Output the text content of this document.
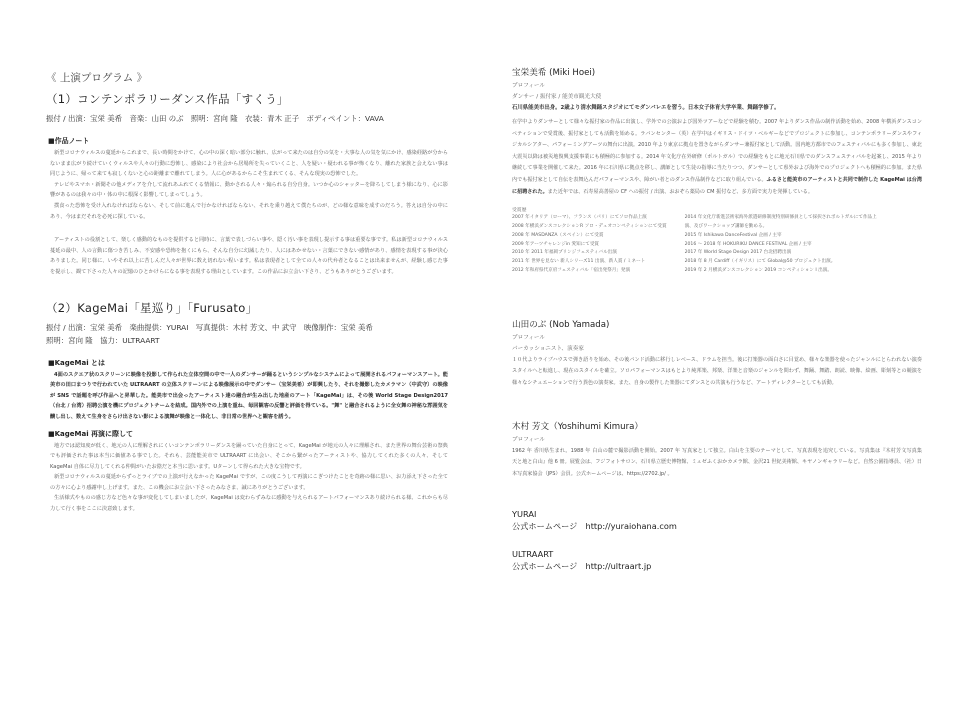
《 上演プログラム 》
（1）コンテンポラリーダンス作品「すくう」
振付 / 出演：宝栄 美希　音楽：山田 のぶ　照明：宮向 隆　衣装：青木 正子　ボディペイント：VAVA
■作品ノート

新型コロナウィルスの蔓延からこれまで、長い時間をかけて、心の中の深く暗い部分に触れ、広がって来たのは自分の気を・大事な人の気を気にかけ、感染経路が分からないまま広がり続けていくウィルスや人々の行動に恐怖し、感染により社会から居場所を失っていくこと、人を疑い・疑われる事が怖くなり、離れた家族と会えない事は同じように、帰って来ても寂しくないと心の距離まで離れてしまう。人に心があるからこそ生まれてくる、そんな現実の恐怖でした。

テレビやスマホ・新聞その他メディアを介して流れあふれてくる情報に、動かされる人々・煽られる自分自身。いつか心のシャッターを降ろしてしまう様になり、心に影響があるのは我々の中・体の中に根深く影響してしまってしょう。

撲食った恐怖を受け入れなければならない、そして前に進んで行かなければならない、それを乗り越えて僕たちのが、どの様な意味を成すのだろう。答えは自分の中にあり、今はまだそれを必死に探している。

アーティストの役割として、楽しく感動的なものを提供すると同時に、言葉で表しづらい事や、隠く汚い事を表現し提示する事は重要な事です。私は新型コロナウィルス蔓延の最中、人の言動に傷つき苦しみ、不安感や恐怖を抱くにもら、そんな自分に幻滅したり、人にはあかせない・言葉にできない感情があり、感情を表現する事が決心ありました。同じ様に、いやそれ以上に苦しんだ人々が世界に数え切れない程います。私は表現者として全ての人々の代弁者となることは出来ませんが、経験し感じた事を提示し、観て下さった人々の記憶のひとかけらになる事を表現する理由としています。この作品にお立会い下さり、どうもありがとうございます。

（2）KageMai「星巡り」「Furusato」
振付 / 出演：宝栄 美希　楽曲提供：YURAI　写真提供：木村 芳文、中 武守　映像制作：宝栄 美希
照明：宮向 隆　協力：ULTRAART
■KageMai とは

4面のスクエア状のスクリーンに映像を投影して作られた立体空間の中で一人のダンサーが踊るというシンプルなシステムによって展開されるパフォーマンスアート。能美市の田口まつりで行われていた ULTRAART の立体スクリーンによる映像展示の中でダンサー（宝栄美希）が即興したり、それを撮影したカメラマン（中武守）の映像が SNS で話題を呼び作品へと昇華した。能美市で出会ったアーティスト達の融合が生み出した地産のアート「KageMai」は、その後 World Stage Design2017（台北 / 台湾）招聘公演を機にプロジェクトチームを結成。国内外での上演を重ね、毎回観客の反響と評価を得ている。"舞" と融合されるように全女舞の神秘な雰囲気を醸し出し、数えて生身をさらけ出さない影による演舞が映像と一体化し、非日常の世界へと観客を誘う。

■KageMai 再演に際して

地方では認知度が低く、地元の人に理解されにくいコンテンポラリーダンスを踊っていた自身にとって、KageMai が地元の人々に理解され、また世界の舞台芸術の祭典でも評価された事は本当に価値ある事でした。それも、芸能能美市で ULTRAART に出会い、そこから繋がったアーティストや、協力してくれた多くの人々、そして KageMai 自体に尽力してくれる仲間がいたお陰だと本当に思います。Uターンして得られた大きな宝物です。

新型コロナウィルスの蔓延からずっとライブでの上演が行えなかった KageMai ですが、この度こうして再演にこぎつけたことを奇跡の様に思い、お力添え下さった全ての方々に心より感謝申し上げます。また、この機会にお立会い下さったみなさま、誠にありがとうございます。

生活様式やものの感じ方など色々な事が変化してしまいましたが、KageMai は変わらずみなに感動を与えられるアートパフォーマンスあり続けられる様、これからも尽力して行く事をここに決意致します。

宝栄美希 (Miki Hoei)
プロフィール
ダンサー / 振付家 / 能美市観光大使
石川県能美市出身。2歳より清水舞踊スタジオにてモダンバレエを習う。日本女子体育大学卒業、舞踊学修了。

在学中よりダンサーとして様々な振付家の作品に出演し、学外での公演および国外ツアーなどで経験を積む。2007 年よりダンス作品の制作活動を始め、2008 年横浜ダンスコンペティションで受賞後、振付家としても活動を始める。ラバンセンター（英）在学中はイギリス・ドイツ・ベルギーなどでプロジェクトに参加し、コンテンポラリーダンスやフィジカルシアター、パフォーミングアーツの舞台に出演。2010 年より東京に拠点を置きながらダンサー兼振付家として活動。国内地方都市でのフェスティバルにも多く参加し、東北大震災以降は被災地復興支援事業にも積極的に参加する。2014 年文化庁在外研修（ポルトガル）での経験をもとに地元石川県でのダンスフェスティバルを起案し、2015 年より継続して事業を開催して来た。2016 年に石川県に拠点を移し、講師として生徒の指導に当たりつつ、ダンサーとして県外および海外でのプロジェクトへも積極的に参加。また県内でも振付家として自伝を表舞込んだパフォーマンスや、障がい者とのダンス作品制作などに取り組んでいる。ふるさと能美市のアーティストと共同で制作した KageMai は台湾に招聘された。また近年では、石寿屋高善屋の CF への振付 / 出演、おおぞら薬局の CM 振付など、多方面で実力を発揮している。

受賞歴
2007 年イタリア（ローマ）、フランス（パリ）にてソロ作品上演
2008 年横浜ダンスコレクションR ソロ・デュオコンペティションにて受賞
2008 年 MASDANZA（スペイン）にて受賞
2009 年アーツチャレンジin 愛知にて受賞
2010 年 2011 年福岡プリンジフェスティバル出演
2011 年 世界を見ない 新人シリーズ11 出演、新人賞 / ミネート
2012 年和府県代京府フェスティバル「宿出発祭月」発演
2014 年文化庁新進芸術家海外派遣研修制度特別研修員として採択されポルトガルにて作品上演、及びワークショップ講師を勤める。
2015 年 Ishikawa DanceFestival 企画 / 主宰
2016 ～ 2018 年 HOKURIKU DANCE FESTIVAL 企画 / 主宰
2017 年 World Stage Design 2017 台北招聘出演
2018 年 8 月 Cardiff（イギリス）にて Global@50 プロジェクト出演。
2019 年 2 月横浜ダンスコレクション 2019 コンペティション I 出演。
山田のぶ (Nob Yamada)
プロフィール
パーカッショニスト、演奏家

１０代よりライブハウスで弾き語りを始め、その後バンド活動に移行しレベース、ドラムを担当。後に打楽器の面白さに目覚め、様々な楽器を使ったジャンルにとらわれない演奏スタイルへと転進し、現在のスタイルを確立。ソロパフォーマンスはもとより純邦楽、邦楽、洋楽と音楽のジャンルを問わず、舞踊、舞踏、朗読、映像、絵画、彫刻等との競演を様々なシチュエーションで行う異色の演奏家。また、自身の製作した楽器にてダンスとの共演も行うなど、アートディレクターとしても活動。

木村 芳文（Yoshihumi Kimura）
プロフィール

1962 年 香川県生まれ。1988 年 白山の麓で撮影活動を開始。2007 年 写真家として独立。白山を主要のテーマとして、写真表現を追究している。写真集は『木村芳文写真集　天と地と白山』他 6 冊。展覧会は、フジフォトサロン、石川県立歴史博物館、ミュゼふくおかカメラ館、金沢21 世紀美術館、キヤノンギャラリーなど。自然公園指導員、（社）日本写真家協会（JPS）会員。公式ホームページは、https://2702.jp/ 。

YURAI
公式ホームページ　http://yuraiohana.com
ULTRAART
公式ホームページ　http://ultraart.jp
